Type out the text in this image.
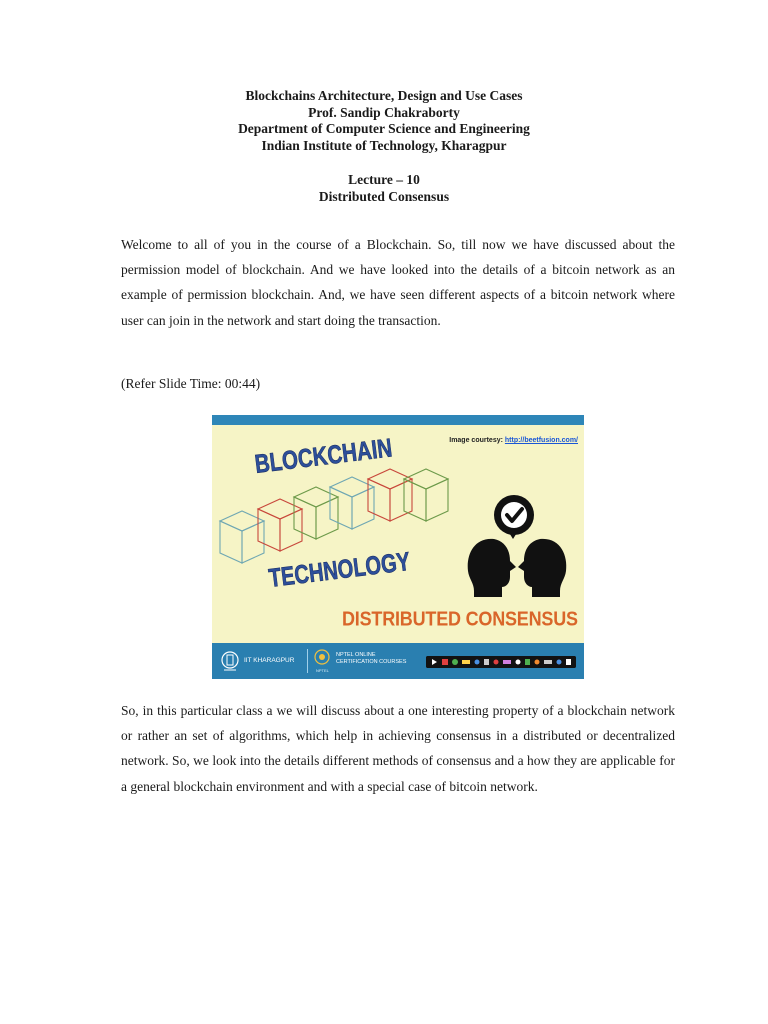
Blockchains Architecture, Design and Use Cases
Prof. Sandip Chakraborty
Department of Computer Science and Engineering
Indian Institute of Technology, Kharagpur
Lecture – 10
Distributed Consensus

Welcome to all of you in the course of a Blockchain. So, till now we have discussed about the permission model of blockchain. And we have looked into the details of a bitcoin network as an example of permission blockchain. And, we have seen different aspects of a bitcoin network where user can join in the network and start doing the transaction.

(Refer Slide Time: 00:44)
Image courtesy: http://beetfusion.com/
BLOCKCHAIN
TECHNOLOGY
DISTRIBUTED CONSENSUS
IIT KHARAGPUR
NPTEL ONLINE
CERTIFICATION COURSES
NPTEL

So, in this particular class a we will discuss about a one interesting property of a blockchain network or rather an set of algorithms, which help in achieving consensus in a distributed or decentralized network. So, we look into the details different methods of consensus and a how they are applicable for a general blockchain environment and with a special case of bitcoin network.
